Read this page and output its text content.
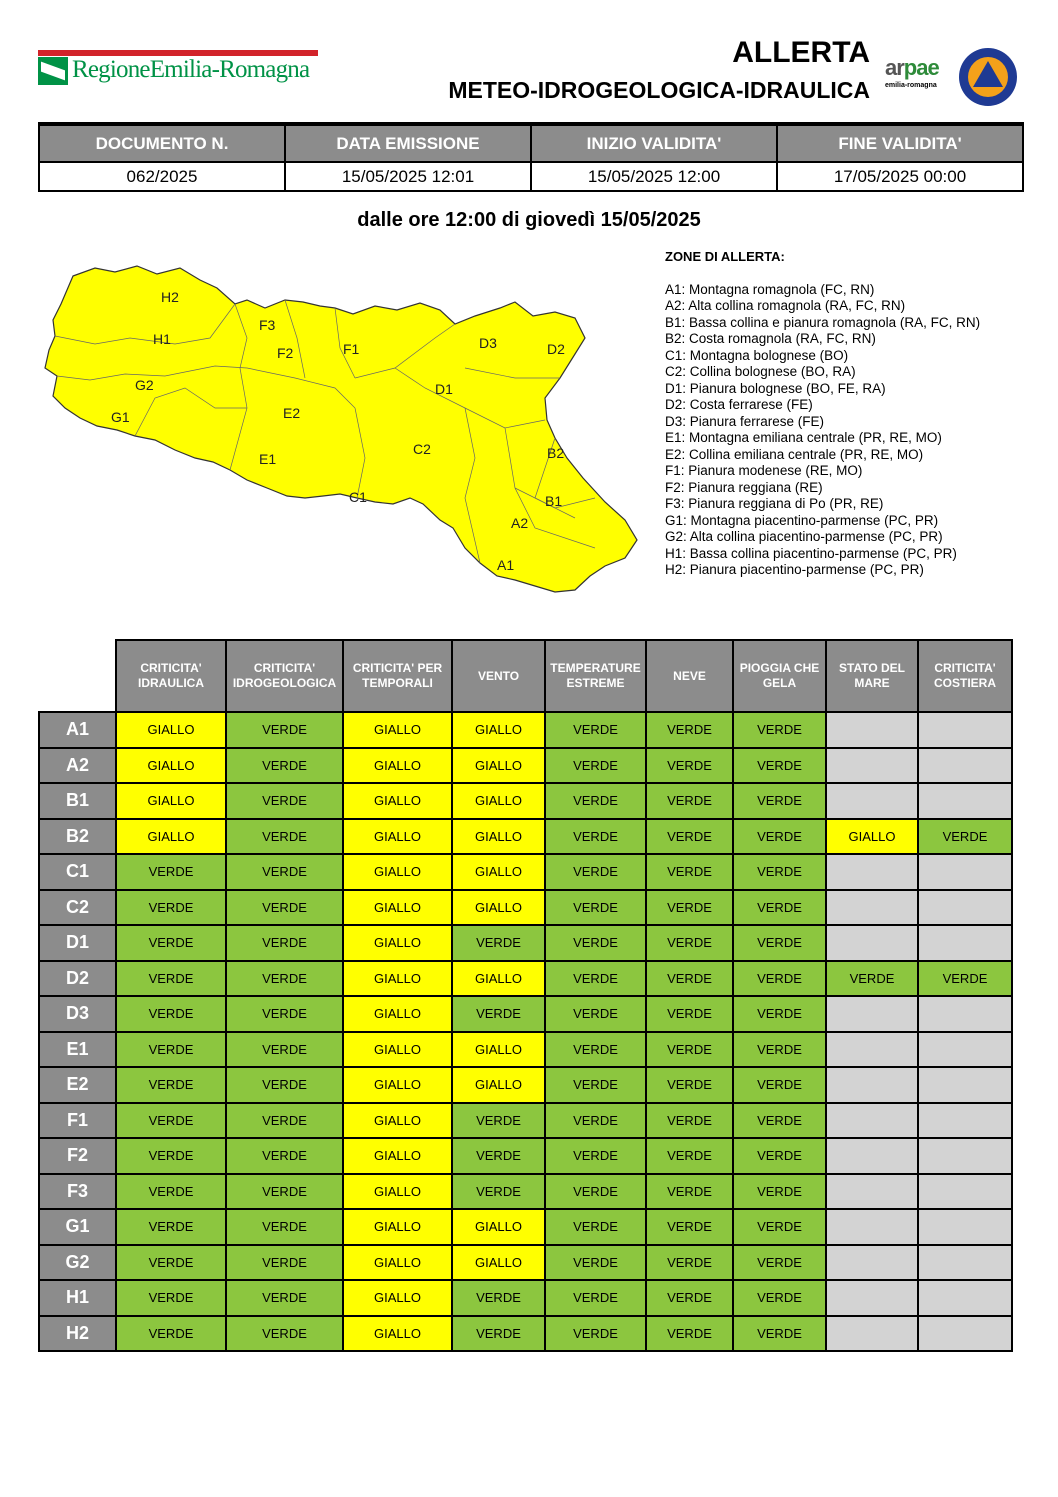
RegioneEmilia-Romagna
ALLERTA
METEO-IDROGEOLOGICA-IDRAULICA
arpae
emilia-romagna
DOCUMENTO N.	DATA EMISSIONE	INIZIO VALIDITA'	FINE VALIDITA'
062/2025	15/05/2025 12:01	15/05/2025 12:00	17/05/2025 00:00
dalle ore 12:00 di giovedì 15/05/2025
H2
H1
G2
G1
F3
F2	F1
E2
E1
D3	D2
D1
C2
C1
B2
B1
A2
A1
ZONE DI ALLERTA:
A1: Montagna romagnola (FC, RN)
A2: Alta collina romagnola (RA, FC, RN)
B1: Bassa collina e pianura romagnola (RA, FC, RN)
B2: Costa romagnola (RA, FC, RN)
C1: Montagna bolognese (BO)
C2: Collina bolognese (BO, RA)
D1: Pianura bolognese (BO, FE, RA)
D2: Costa ferrarese (FE)
D3: Pianura ferrarese (FE)
E1: Montagna emiliana centrale (PR, RE, MO)
E2: Collina emiliana centrale (PR, RE, MO)
F1: Pianura modenese (RE, MO)
F2: Pianura reggiana (RE)
F3: Pianura reggiana di Po (PR, RE)
G1: Montagna piacentino-parmense (PC, PR)
G2: Alta collina piacentino-parmense (PC, PR)
H1: Bassa collina piacentino-parmense (PC, PR)
H2: Pianura piacentino-parmense (PC, PR)
	CRITICITA' IDRAULICA	CRITICITA' IDROGEOLOGICA	CRITICITA' PER TEMPORALI	VENTO	TEMPERATURE ESTREME	NEVE	PIOGGIA CHE GELA	STATO DEL MARE	CRITICITA' COSTIERA
A1	GIALLO	VERDE	GIALLO	GIALLO	VERDE	VERDE	VERDE		
A2	GIALLO	VERDE	GIALLO	GIALLO	VERDE	VERDE	VERDE		
B1	GIALLO	VERDE	GIALLO	GIALLO	VERDE	VERDE	VERDE		
B2	GIALLO	VERDE	GIALLO	GIALLO	VERDE	VERDE	VERDE	GIALLO	VERDE
C1	VERDE	VERDE	GIALLO	GIALLO	VERDE	VERDE	VERDE		
C2	VERDE	VERDE	GIALLO	GIALLO	VERDE	VERDE	VERDE		
D1	VERDE	VERDE	GIALLO	VERDE	VERDE	VERDE	VERDE		
D2	VERDE	VERDE	GIALLO	GIALLO	VERDE	VERDE	VERDE	VERDE	VERDE
D3	VERDE	VERDE	GIALLO	VERDE	VERDE	VERDE	VERDE		
E1	VERDE	VERDE	GIALLO	GIALLO	VERDE	VERDE	VERDE		
E2	VERDE	VERDE	GIALLO	GIALLO	VERDE	VERDE	VERDE		
F1	VERDE	VERDE	GIALLO	VERDE	VERDE	VERDE	VERDE		
F2	VERDE	VERDE	GIALLO	VERDE	VERDE	VERDE	VERDE		
F3	VERDE	VERDE	GIALLO	VERDE	VERDE	VERDE	VERDE		
G1	VERDE	VERDE	GIALLO	GIALLO	VERDE	VERDE	VERDE		
G2	VERDE	VERDE	GIALLO	GIALLO	VERDE	VERDE	VERDE		
H1	VERDE	VERDE	GIALLO	VERDE	VERDE	VERDE	VERDE		
H2	VERDE	VERDE	GIALLO	VERDE	VERDE	VERDE	VERDE		
